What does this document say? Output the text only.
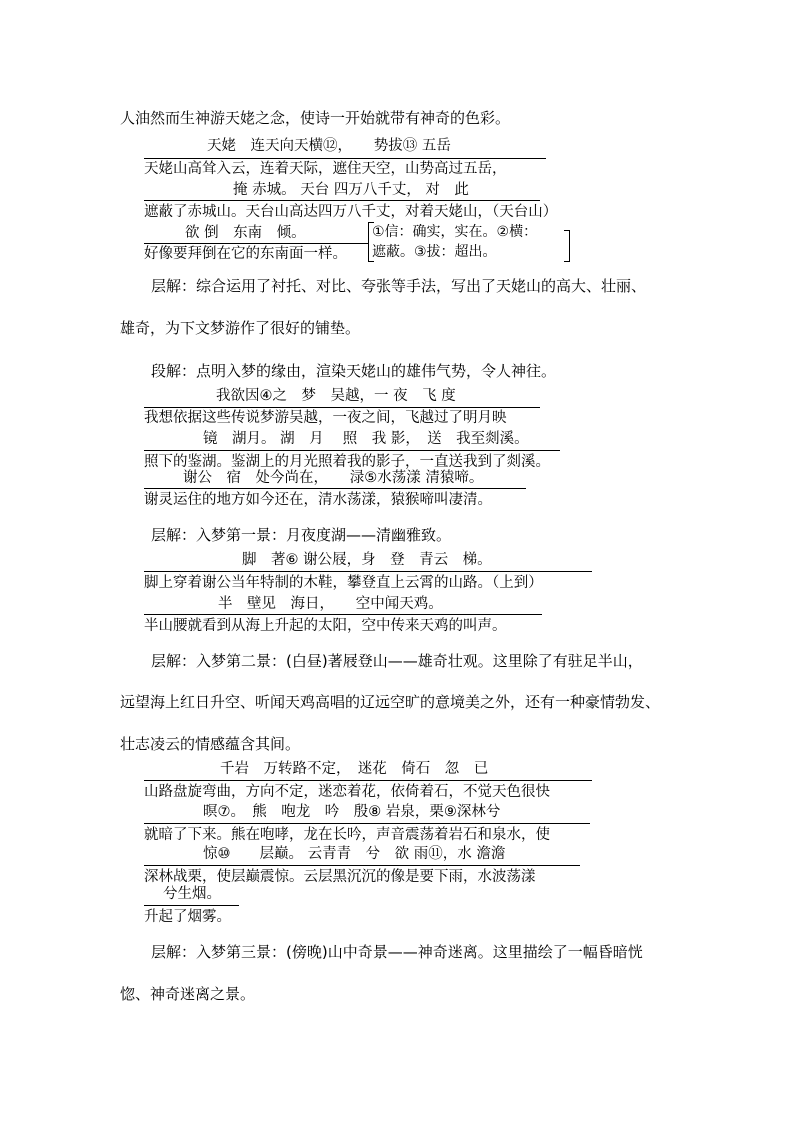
人油然而生神游天姥之念，使诗一开始就带有神奇的色彩。
天姥　连天向天横⑫，　　势拔⑬ 五岳
天姥山高耸入云，连着天际，遮住天空，山势高过五岳，
掩 赤城。 天台 四万八千丈， 对　此
遮蔽了赤城山。天台山高达四万八千丈，对着天姥山，（天台山）
欲 倒　东南　倾。
好像要拜倒在它的东南面一样。
①信：确实，实在。②横：
遮蔽。③拔：超出。
层解：综合运用了衬托、对比、夸张等手法，写出了天姥山的高大、壮丽、
雄奇，为下文梦游作了很好的铺垫。
段解：点明入梦的缘由，渲染天姥山的雄伟气势，令人神往。
我欲因④之　梦　吴越，一 夜　飞 度
我想依据这些传说梦游吴越，一夜之间，飞越过了明月映
镜　湖月。 湖　月　 照　我 影，　送　我至剡溪。
照下的鉴湖。鉴湖上的月光照着我的影子，一直送我到了剡溪。
谢公　宿　处今尚在，　　渌⑤水荡漾 清猿啼。
谢灵运住的地方如今还在，清水荡漾，猿猴啼叫凄清。
层解：入梦第一景：月夜度湖——清幽雅致。
脚　著⑥ 谢公屐，身　登　青云　梯。
脚上穿着谢公当年特制的木鞋，攀登直上云霄的山路。（上到）
半　壁见　海日，　　空中闻天鸡。
半山腰就看到从海上升起的太阳，空中传来天鸡的叫声。
层解：入梦第二景：(白昼)著屐登山——雄奇壮观。这里除了有驻足半山，
远望海上红日升空、听闻天鸡高唱的辽远空旷的意境美之外，还有一种豪情勃发、
壮志凌云的情感蕴含其间。
千岩　万转路不定，　迷花　倚石　忽　已
山路盘旋弯曲，方向不定，迷恋着花，依倚着石，不觉天色很快
暝⑦。　熊　咆龙　吟　殷⑧ 岩泉，栗⑨深林兮
就暗了下来。熊在咆哮，龙在长吟，声音震荡着岩石和泉水，使
惊⑩　　层巅。 云青青　兮　欲 雨⑪，水 澹澹
深林战栗，使层巅震惊。云层黑沉沉的像是要下雨，水波荡漾
兮生烟。
升起了烟雾。
层解：入梦第三景：(傍晚)山中奇景——神奇迷离。这里描绘了一幅昏暗恍
惚、神奇迷离之景。
